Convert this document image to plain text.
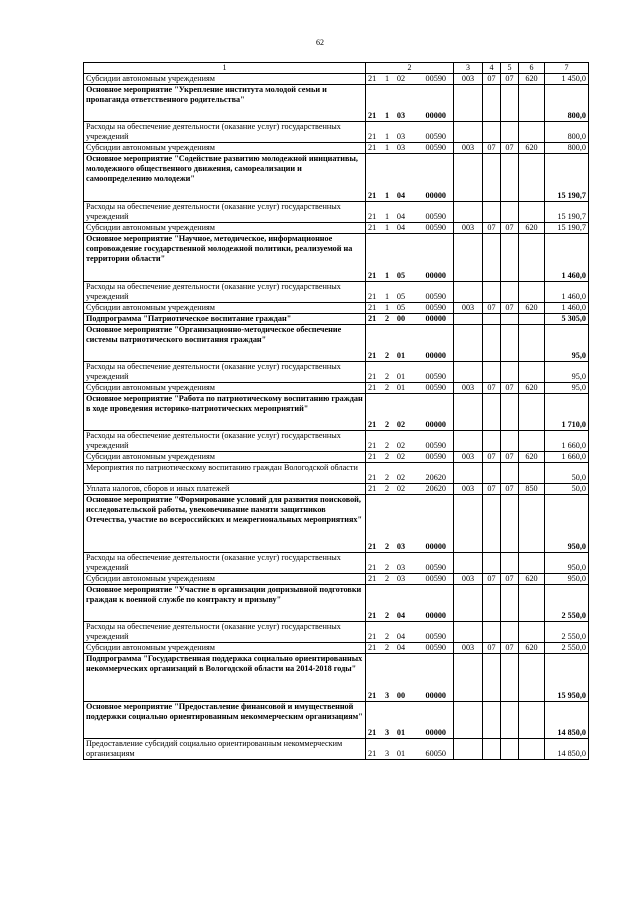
62
1	2	3	4	5	6	7
Субсидии автономным учреждениям	21 1 02 00590	003	07	07	620	1 450,0
Основное мероприятие "Укрепление института молодой семьи и пропаганда ответственного родительства"	21 1 03 00000					800,0
Расходы на обеспечение деятельности (оказание услуг) государственных учреждений	21 1 03 00590					800,0
Субсидии автономным учреждениям	21 1 03 00590	003	07	07	620	800,0
Основное мероприятие "Содействие развитию молодежной инициативы, молодежного общественного движения, самореализации и самоопределению молодежи"	21 1 04 00000					15 190,7
Расходы на обеспечение деятельности (оказание услуг) государственных учреждений	21 1 04 00590					15 190,7
Субсидии автономным учреждениям	21 1 04 00590	003	07	07	620	15 190,7
Основное мероприятие "Научное, методическое, информационное сопровождение государственной молодежной политики, реализуемой на территории области"	21 1 05 00000					1 460,0
Расходы на обеспечение деятельности (оказание услуг) государственных учреждений	21 1 05 00590					1 460,0
Субсидии автономным учреждениям	21 1 05 00590	003	07	07	620	1 460,0
Подпрограмма "Патриотическое воспитание граждан"	21 2 00 00000					5 305,0
Основное мероприятие "Организационно-методическое обеспечение системы патриотического воспитания граждан"	21 2 01 00000					95,0
Расходы на обеспечение деятельности (оказание услуг) государственных учреждений	21 2 01 00590					95,0
Субсидии автономным учреждениям	21 2 01 00590	003	07	07	620	95,0
Основное мероприятие "Работа по патриотическому воспитанию граждан в ходе проведения историко-патриотических мероприятий"	21 2 02 00000					1 710,0
Расходы на обеспечение деятельности (оказание услуг) государственных учреждений	21 2 02 00590					1 660,0
Субсидии автономным учреждениям	21 2 02 00590	003	07	07	620	1 660,0
Мероприятия по патриотическому воспитанию граждан Вологодской области	21 2 02 20620					50,0
Уплата налогов, сборов и иных платежей	21 2 02 20620	003	07	07	850	50,0
Основное мероприятие "Формирование условий для развития поисковой, исследовательской работы, увековечивание памяти защитников Отечества, участие во всероссийских и межрегиональных мероприятиях"	21 2 03 00000					950,0
Расходы на обеспечение деятельности (оказание услуг) государственных учреждений	21 2 03 00590					950,0
Субсидии автономным учреждениям	21 2 03 00590	003	07	07	620	950,0
Основное мероприятие "Участие в организации допризывной подготовки граждан к военной службе по контракту и призыву"	21 2 04 00000					2 550,0
Расходы на обеспечение деятельности (оказание услуг) государственных учреждений	21 2 04 00590					2 550,0
Субсидии автономным учреждениям	21 2 04 00590	003	07	07	620	2 550,0
Подпрограмма "Государственная поддержка социально ориентированных некоммерческих организаций в Вологодской области на 2014-2018 годы"	21 3 00 00000					15 950,0
Основное мероприятие "Предоставление финансовой и имущественной поддержки социально ориентированным некоммерческим организациям"	21 3 01 00000					14 850,0
Предоставление субсидий социально ориентированным некоммерческим организациям	21 3 01 60050					14 850,0
